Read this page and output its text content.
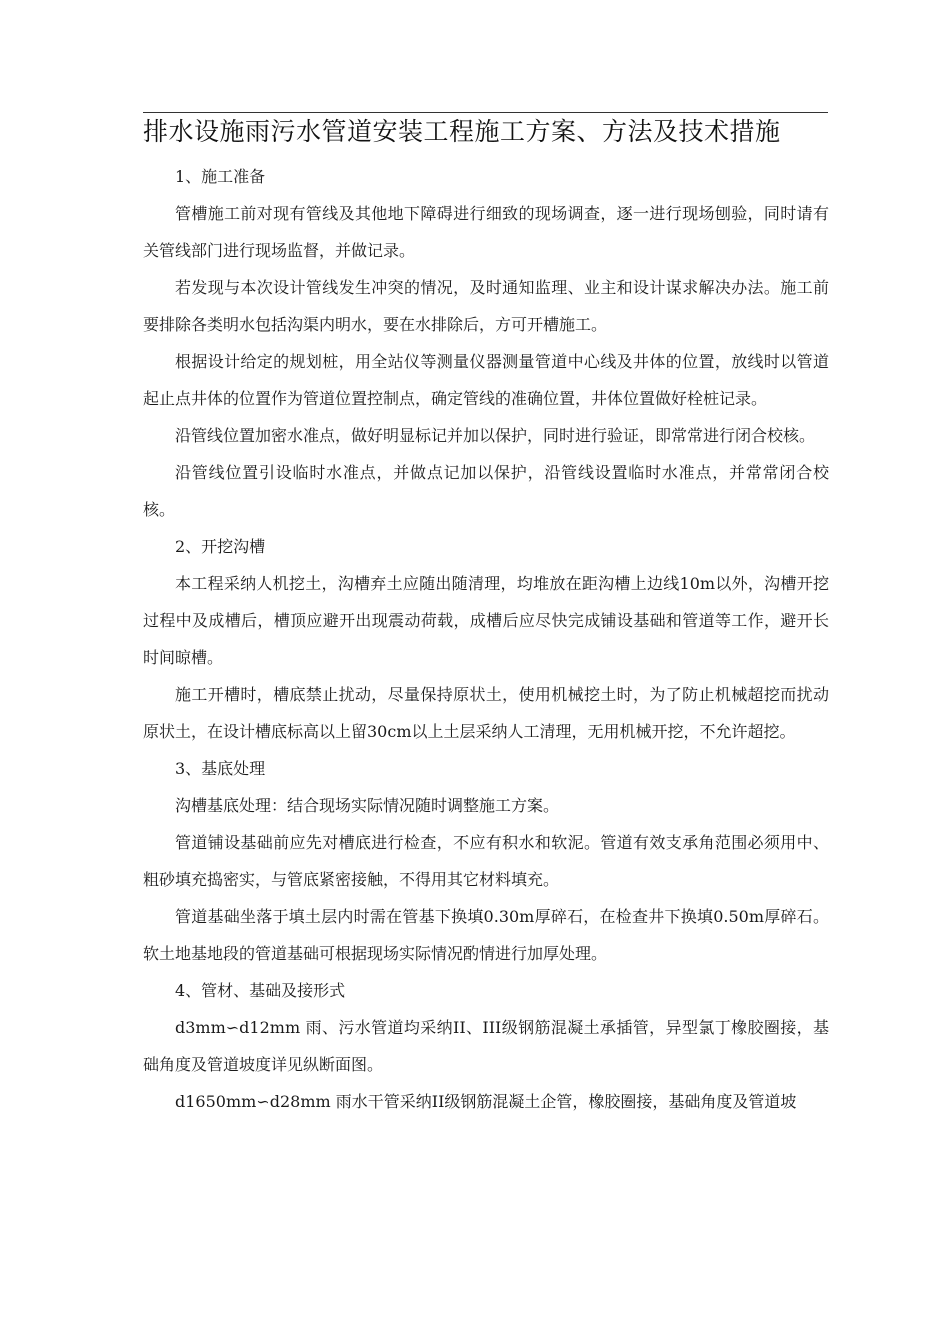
排水设施雨污水管道安装工程施工方案、方法及技术措施

1、施工准备

管槽施工前对现有管线及其他地下障碍进行细致的现场调查，逐一进行现场刨验，同时请有关管线部门进行现场监督，并做记录。

若发现与本次设计管线发生冲突的情况，及时通知监理、业主和设计谋求解决办法。施工前要排除各类明水包括沟渠内明水，要在水排除后，方可开槽施工。

根据设计给定的规划桩，用全站仪等测量仪器测量管道中心线及井体的位置，放线时以管道起止点井体的位置作为管道位置控制点，确定管线的准确位置，井体位置做好栓桩记录。

沿管线位置加密水准点，做好明显标记并加以保护，同时进行验证，即常常进行闭合校核。

沿管线位置引设临时水准点，并做点记加以保护，沿管线设置临时水准点，并常常闭合校核。

2、开挖沟槽

本工程采纳人机挖土，沟槽弃土应随出随清理，均堆放在距沟槽上边线10m以外，沟槽开挖过程中及成槽后，槽顶应避开出现震动荷载，成槽后应尽快完成铺设基础和管道等工作，避开长时间晾槽。

施工开槽时，槽底禁止扰动，尽量保持原状土，使用机械挖土时，为了防止机械超挖而扰动原状土，在设计槽底标高以上留30cm以上土层采纳人工清理，无用机械开挖，不允许超挖。

3、基底处理

沟槽基底处理：结合现场实际情况随时调整施工方案。

管道铺设基础前应先对槽底进行检查，不应有积水和软泥。管道有效支承角范围必须用中、粗砂填充捣密实，与管底紧密接触，不得用其它材料填充。

管道基础坐落于填土层内时需在管基下换填0.30m厚碎石，在检查井下换填0.50m厚碎石。软土地基地段的管道基础可根据现场实际情况酌情进行加厚处理。

4、管材、基础及接形式

d3mm∽d12mm 雨、污水管道均采纳II、III级钢筋混凝土承插管，异型氯丁橡胶圈接，基础角度及管道坡度详见纵断面图。

d1650mm∽d28mm 雨水干管采纳II级钢筋混凝土企管，橡胶圈接，基础角度及管道坡
